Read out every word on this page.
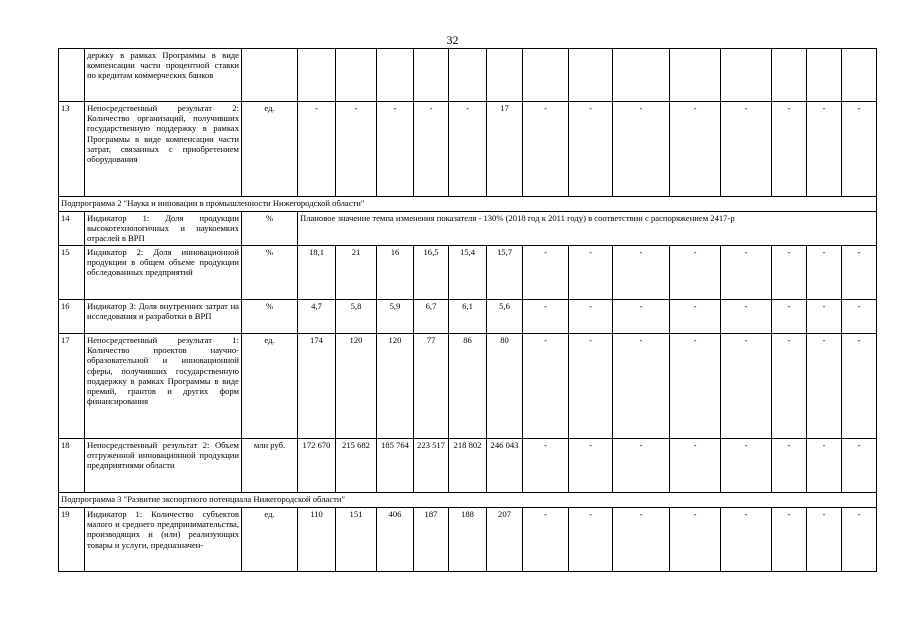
32
	держку в рамках Программы в виде компенсации части процентной ставки по кредитам коммерческих банков															
13	Непосредственный результат 2: Количество организаций, получивших государственную поддержку в рамках Программы в виде компенсации части затрат, связанных с приобретением оборудования	ед.	-	-	-	-	-	17	-	-	-	-	-	-	-	-
Подпрограмма 2 "Наука и инновации в промышленности Нижегородской области"																
14	Индикатор 1: Доля продукции высокотехнологичных и наукоемких отраслей в ВРП	%	Плановое значение темпа изменения показателя - 130% (2018 год к 2011 году) в соответствии с распоряжением 2417-р													
15	Индикатор 2: Доля инновационной продукции в общем объеме продукции обследованных предприятий	%	18,1	21	16	16,5	15,4	15,7	-	-	-	-	-	-	-	-
16	Индикатор 3: Доля внутренних затрат на исследования и разработки в ВРП	%	4,7	5,8	5,9	6,7	6,1	5,6	-	-	-	-	-	-	-	-
17	Непосредственный результат 1: Количество проектов научно-образовательной и инновационной сферы, получивших государственную поддержку в рамках Программы в виде премий, грантов и других форм финансирования	ед.	174	120	120	77	86	80	-	-	-	-	-	-	-	-
18	Непосредственный результат 2: Объем отгруженной инновационной продукции предприятиями области	млн руб.	172 670	215 682	185 764	223 517	218 802	246 043	-	-	-	-	-	-	-	-
Подпрограмма 3 "Развитие экспортного потенциала Нижегородской области"																
19	Индикатор 1: Количество субъектов малого и среднего предпринимательства, производящих и (или) реализующих товары и услуги, предназначен-	ед.	110	151	406	187	188	207	-	-	-	-	-	-	-	-
